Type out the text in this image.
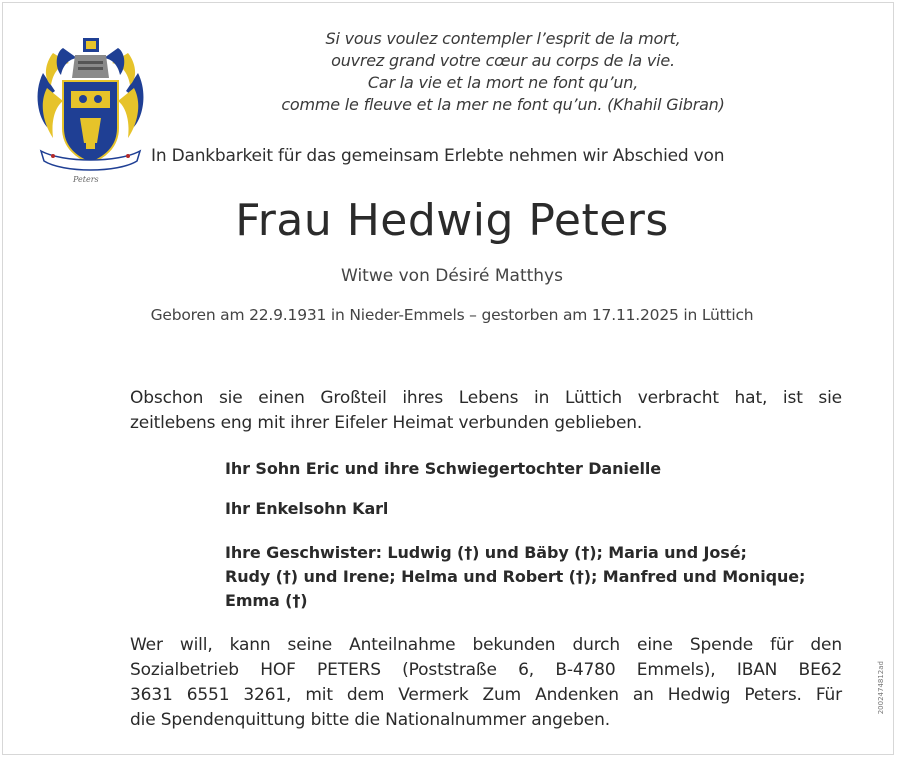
Peters
Si vous voulez contempler l’esprit de la mort,
ouvrez grand votre cœur au corps de la vie.
Car la vie et la mort ne font qu’un,
comme le fleuve et la mer ne font qu’un. (Khahil Gibran)
In Dankbarkeit für das gemeinsam Erlebte nehmen wir Abschied von
Frau Hedwig Peters
Witwe von Désiré Matthys
Geboren am 22.9.1931 in Nieder-Emmels – gestorben am 17.11.2025 in Lüttich
Obschon sie einen Großteil ihres Lebens in Lüttich verbracht hat, ist sie
zeitlebens eng mit ihrer Eifeler Heimat verbunden geblieben.
Ihr Sohn Eric und ihre Schwiegertochter Danielle
Ihr Enkelsohn Karl
Ihre Geschwister: Ludwig (†) und Bäby (†); Maria und José;
Rudy (†) und Irene; Helma und Robert (†); Manfred und Monique;
Emma (†)
Wer will, kann seine Anteilnahme bekunden durch eine Spende für den
Sozialbetrieb HOF PETERS (Poststraße 6, B-4780 Emmels), IBAN BE62
3631 6551 3261, mit dem Vermerk Zum Andenken an Hedwig Peters. Für
die Spendenquittung bitte die Nationalnummer angeben.
2002474812ad
